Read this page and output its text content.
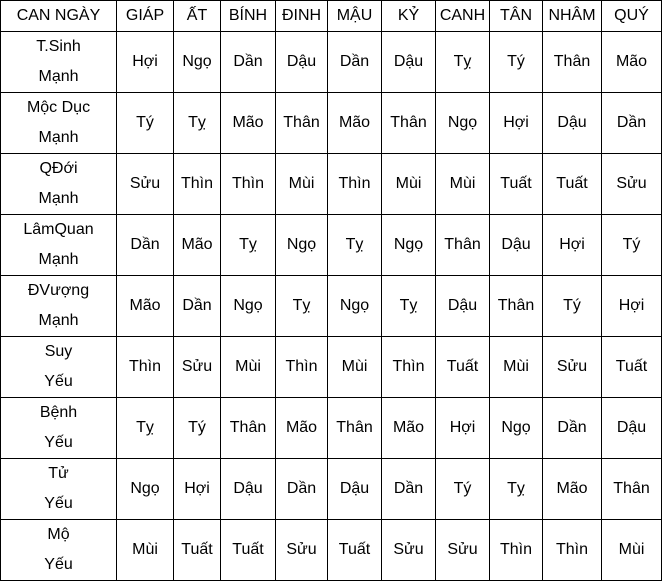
CAN NGÀY	GIÁP	ẤT	BÍNH	ĐINH	MẬU	KỶ	CANH	TÂN	NHÂM	QUÝ

T.Sinh
Mạnh	Hợi	Ngọ	Dần	Dậu	Dần	Dậu	Tỵ	Tý	Thân	Mão

Mộc Dục
Mạnh	Tý	Tỵ	Mão	Thân	Mão	Thân	Ngọ	Hợi	Dậu	Dần

QĐới
Mạnh	Sửu	Thìn	Thìn	Mùi	Thìn	Mùi	Mùi	Tuất	Tuất	Sửu

LâmQuan
Mạnh	Dần	Mão	Tỵ	Ngọ	Tỵ	Ngọ	Thân	Dậu	Hợi	Tý

ĐVượng
Mạnh	Mão	Dần	Ngọ	Tỵ	Ngọ	Tỵ	Dậu	Thân	Tý	Hợi

Suy
Yếu	Thìn	Sửu	Mùi	Thìn	Mùi	Thìn	Tuất	Mùi	Sửu	Tuất

Bệnh
Yếu	Tỵ	Tý	Thân	Mão	Thân	Mão	Hợi	Ngọ	Dần	Dậu

Tử
Yếu	Ngọ	Hợi	Dậu	Dần	Dậu	Dần	Tý	Tỵ	Mão	Thân

Mộ
Yếu	Mùi	Tuất	Tuất	Sửu	Tuất	Sửu	Sửu	Thìn	Thìn	Mùi
